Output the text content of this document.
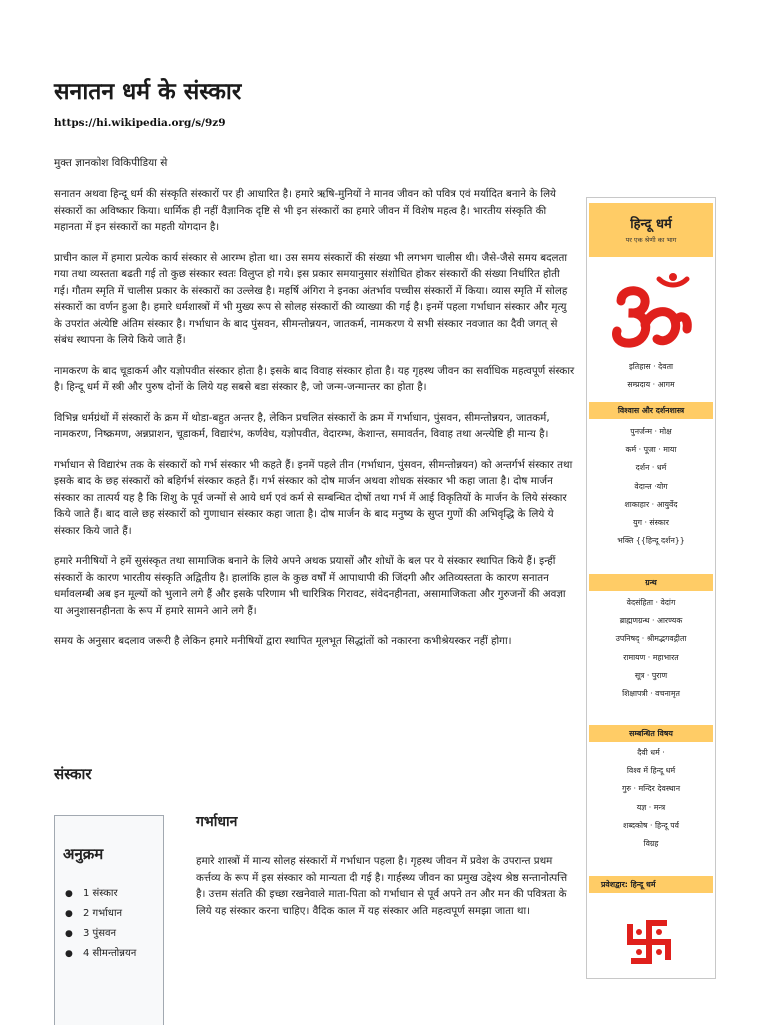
सनातन धर्म के संस्कार
https://hi.wikipedia.org/s/9z9
मुक्त ज्ञानकोश विकिपीडिया से

सनातन अथवा हिन्दू धर्म की संस्कृति संस्कारों पर ही आधारित है। हमारे ऋषि-मुनियों ने मानव जीवन को पवित्र एवं मर्यादित बनाने के लिये संस्कारों का अविष्कार किया। धार्मिक ही नहीं वैज्ञानिक दृष्टि से भी इन संस्कारों का हमारे जीवन में विशेष महत्व है। भारतीय संस्कृति की महानता में इन संस्कारों का महती योगदान है।

प्राचीन काल में हमारा प्रत्येक कार्य संस्कार से आरम्भ होता था। उस समय संस्कारों की संख्या भी लगभग चालीस थी। जैसे-जैसे समय बदलता गया तथा व्यस्तता बढती गई तो कुछ संस्कार स्वतः विलुप्त हो गये। इस प्रकार समयानुसार संशोधित होकर संस्कारों की संख्या निर्धारित होती गई। गौतम स्मृति में चालीस प्रकार के संस्कारों का उल्लेख है। महर्षि अंगिरा ने इनका अंतर्भाव पच्चीस संस्कारों में किया। व्यास स्मृति में सोलह संस्कारों का वर्णन हुआ है। हमारे धर्मशास्त्रों में भी मुख्य रूप से सोलह संस्कारों की व्याख्या की गई है। इनमें पहला गर्भाधान संस्कार और मृत्यु के उपरांत अंत्येष्टि अंतिम संस्कार है। गर्भाधान के बाद पुंसवन, सीमन्तोन्नयन, जातकर्म, नामकरण ये सभी संस्कार नवजात का दैवी जगत् से संबंध स्थापना के लिये किये जाते हैं।

नामकरण के बाद चूडाकर्म और यज्ञोपवीत संस्कार होता है। इसके बाद विवाह संस्कार होता है। यह गृहस्थ जीवन का सर्वाधिक महत्वपूर्ण संस्कार है। हिन्दू धर्म में स्त्री और पुरुष दोनों के लिये यह सबसे बडा संस्कार है, जो जन्म-जन्मान्तर का होता है।

विभिन्न धर्मग्रंथों में संस्कारों के क्रम में थोडा-बहुत अन्तर है, लेकिन प्रचलित संस्कारों के क्रम में गर्भाधान, पुंसवन, सीमन्तोन्नयन, जातकर्म, नामकरण, निष्क्रमण, अन्नप्राशन, चूडाकर्म, विद्यारंभ, कर्णवेध, यज्ञोपवीत, वेदारम्भ, केशान्त, समावर्तन, विवाह तथा अन्त्येष्टि ही मान्य है।

गर्भाधान से विद्यारंभ तक के संस्कारों को गर्भ संस्कार भी कहते हैं। इनमें पहले तीन (गर्भाधान, पुंसवन, सीमन्तोन्नयन) को अन्तर्गर्भ संस्कार तथा इसके बाद के छह संस्कारों को बहिर्गर्भ संस्कार कहते हैं। गर्भ संस्कार को दोष मार्जन अथवा शोधक संस्कार भी कहा जाता है। दोष मार्जन संस्कार का तात्पर्य यह है कि शिशु के पूर्व जन्मों से आये धर्म एवं कर्म से सम्बन्धित दोषों तथा गर्भ में आई विकृतियों के मार्जन के लिये संस्कार किये जाते हैं। बाद वाले छह संस्कारों को गुणाधान संस्कार कहा जाता है। दोष मार्जन के बाद मनुष्य के सुप्त गुणों की अभिवृद्धि के लिये ये संस्कार किये जाते हैं।

हमारे मनीषियों ने हमें सुसंस्कृत तथा सामाजिक बनाने के लिये अपने अथक प्रयासों और शोधों के बल पर ये संस्कार स्थापित किये हैं। इन्हीं संस्कारों के कारण भारतीय संस्कृति अद्वितीय है। हालांकि हाल के कुछ वर्षों में आपाधापी की जिंदगी और अतिव्यस्तता के कारण सनातन धर्मावलम्बी अब इन मूल्यों को भुलाने लगे हैं और इसके परिणाम भी चारित्रिक गिरावट, संवेदनहीनता, असामाजिकता और गुरुजनों की अवज्ञा या अनुशासनहीनता के रूप में हमारे सामने आने लगे हैं।

समय के अनुसार बदलाव जरूरी है लेकिन हमारे मनीषियों द्वारा स्थापित मूलभूत सिद्धांतों को नकारना कभीश्रेयस्कर नहीं होगा।

संस्कार
अनुक्रम
● 1 संस्कार
● 2 गर्भाधान
● 3 पुंसवन
● 4 सीमन्तोन्नयन
गर्भाधान
हमारे शास्त्रों में मान्य सोलह संस्कारों में गर्भाधान पहला है। गृहस्थ जीवन में प्रवेश के उपरान्त प्रथम कर्त्तव्य के रूप में इस संस्कार को मान्यता दी गई है। गार्हस्थ्य जीवन का प्रमुख उद्देश्य श्रेष्ठ सन्तानोत्पत्ति है। उत्तम संतति की इच्छा रखनेवाले माता-पिता को गर्भाधान से पूर्व अपने तन और मन की पवित्रता के लिये यह संस्कार करना चाहिए। वैदिक काल में यह संस्कार अति महत्वपूर्ण समझा जाता था।
हिन्दू धर्म
पर एक श्रेणी का भाग
इतिहास · देवता
सम्प्रदाय · आगम
विश्वास और दर्शनशास्त्र
पुनर्जन्म · मोक्ष
कर्म · पूजा · माया
दर्शन · धर्म
वेदान्त ·योग
शाकाहार · आयुर्वेद
युग · संस्कार
भक्ति {{हिन्दू दर्शन}}
ग्रन्थ
वेदसंहिता · वेदांग
ब्राह्मणग्रन्थ · आरण्यक
उपनिषद् · श्रीमद्भगवद्गीता
रामायण · महाभारत
सूत्र · पुराण
शिक्षापत्री · वचनामृत
सम्बन्धित विषय
दैवी धर्म ·
विश्व में हिन्दू धर्म
गुरु · मन्दिर देवस्थान
यज्ञ · मन्त्र
शब्दकोष · हिन्दू पर्व
विग्रह
प्रवेशद्वार: हिन्दू धर्म
